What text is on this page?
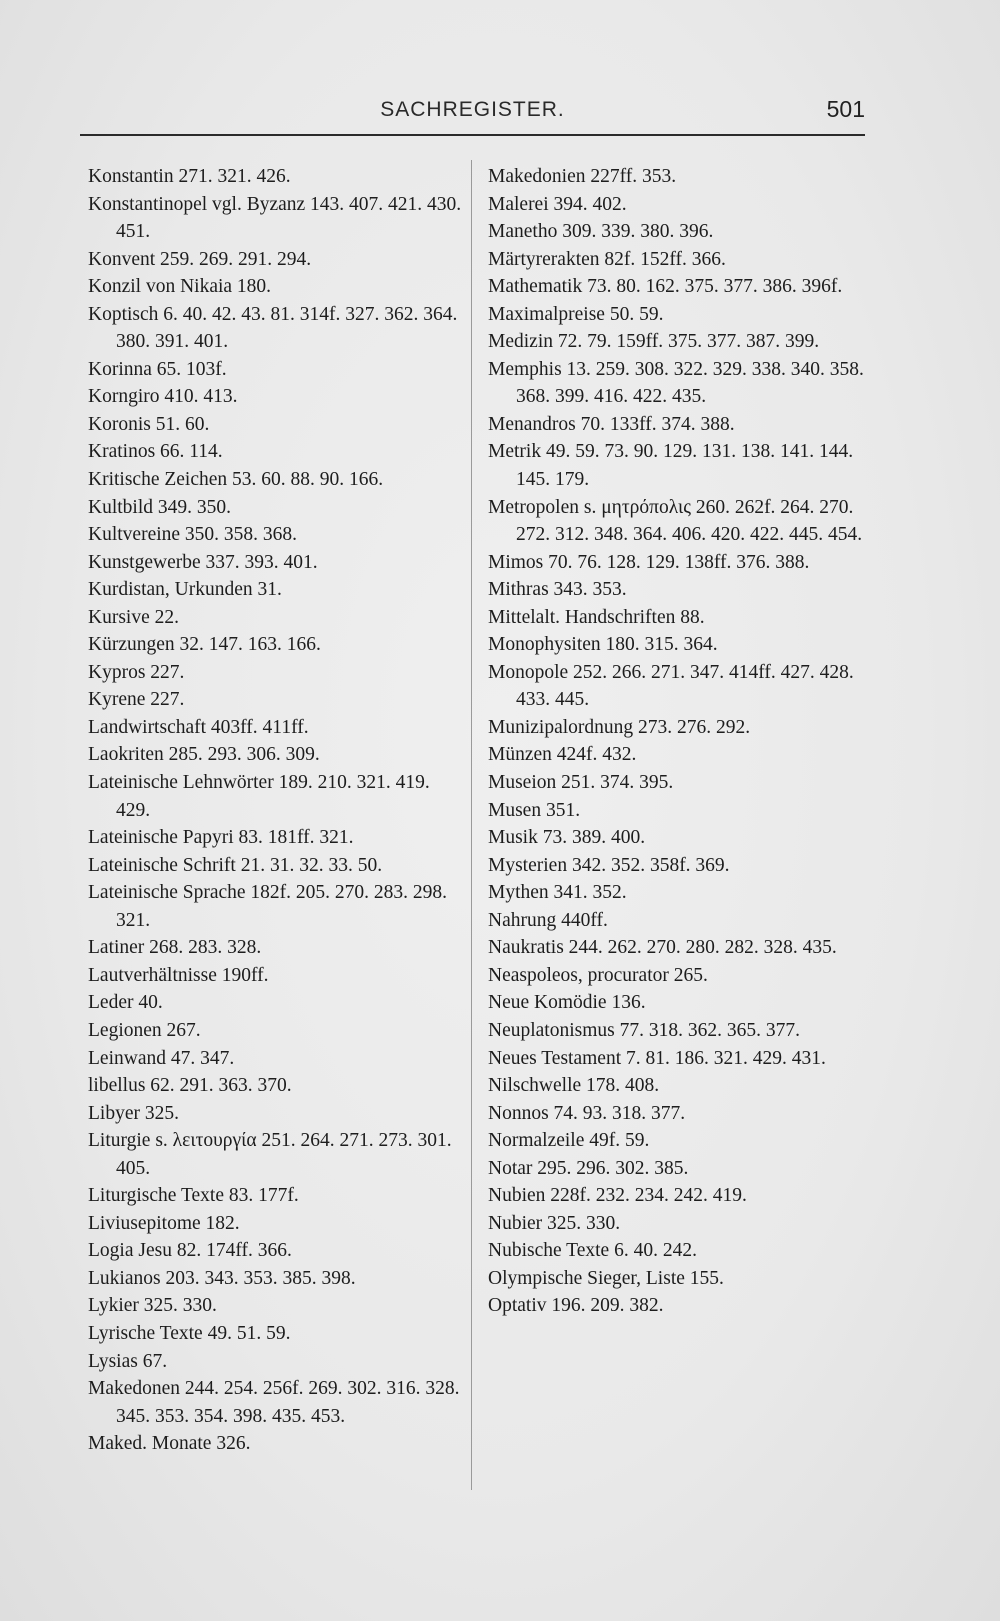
SACHREGISTER.	501
Konstantin 271. 321. 426.
Konstantinopel vgl. Byzanz 143. 407. 421. 430. 451.
Konvent 259. 269. 291. 294.
Konzil von Nikaia 180.
Koptisch 6. 40. 42. 43. 81. 314f. 327. 362. 364. 380. 391. 401.
Korinna 65. 103f.
Korngiro 410. 413.
Koronis 51. 60.
Kratinos 66. 114.
Kritische Zeichen 53. 60. 88. 90. 166.
Kultbild 349. 350.
Kultvereine 350. 358. 368.
Kunstgewerbe 337. 393. 401.
Kurdistan, Urkunden 31.
Kursive 22.
Kürzungen 32. 147. 163. 166.
Kypros 227.
Kyrene 227.
Landwirtschaft 403ff. 411ff.
Laokriten 285. 293. 306. 309.
Lateinische Lehnwörter 189. 210. 321. 419. 429.
Lateinische Papyri 83. 181ff. 321.
Lateinische Schrift 21. 31. 32. 33. 50.
Lateinische Sprache 182f. 205. 270. 283. 298. 321.
Latiner 268. 283. 328.
Lautverhältnisse 190ff.
Leder 40.
Legionen 267.
Leinwand 47. 347.
libellus 62. 291. 363. 370.
Libyer 325.
Liturgie s. λειτουργία 251. 264. 271. 273. 301. 405.
Liturgische Texte 83. 177f.
Liviusepitome 182.
Logia Jesu 82. 174ff. 366.
Lukianos 203. 343. 353. 385. 398.
Lykier 325. 330.
Lyrische Texte 49. 51. 59.
Lysias 67.
Makedonen 244. 254. 256f. 269. 302. 316. 328. 345. 353. 354. 398. 435. 453.
Maked. Monate 326.
Makedonien 227ff. 353.
Malerei 394. 402.
Manetho 309. 339. 380. 396.
Märtyrerakten 82f. 152ff. 366.
Mathematik 73. 80. 162. 375. 377. 386. 396f.
Maximalpreise 50. 59.
Medizin 72. 79. 159ff. 375. 377. 387. 399.
Memphis 13. 259. 308. 322. 329. 338. 340. 358. 368. 399. 416. 422. 435.
Menandros 70. 133ff. 374. 388.
Metrik 49. 59. 73. 90. 129. 131. 138. 141. 144. 145. 179.
Metropolen s. μητρόπολις 260. 262f. 264. 270. 272. 312. 348. 364. 406. 420. 422. 445. 454.
Mimos 70. 76. 128. 129. 138ff. 376. 388.
Mithras 343. 353.
Mittelalt. Handschriften 88.
Monophysiten 180. 315. 364.
Monopole 252. 266. 271. 347. 414ff. 427. 428. 433. 445.
Munizipalordnung 273. 276. 292.
Münzen 424f. 432.
Museion 251. 374. 395.
Musen 351.
Musik 73. 389. 400.
Mysterien 342. 352. 358f. 369.
Mythen 341. 352.
Nahrung 440ff.
Naukratis 244. 262. 270. 280. 282. 328. 435.
Neaspoleos, procurator 265.
Neue Komödie 136.
Neuplatonismus 77. 318. 362. 365. 377.
Neues Testament 7. 81. 186. 321. 429. 431.
Nilschwelle 178. 408.
Nonnos 74. 93. 318. 377.
Normalzeile 49f. 59.
Notar 295. 296. 302. 385.
Nubien 228f. 232. 234. 242. 419.
Nubier 325. 330.
Nubische Texte 6. 40. 242.
Olympische Sieger, Liste 155.
Optativ 196. 209. 382.
